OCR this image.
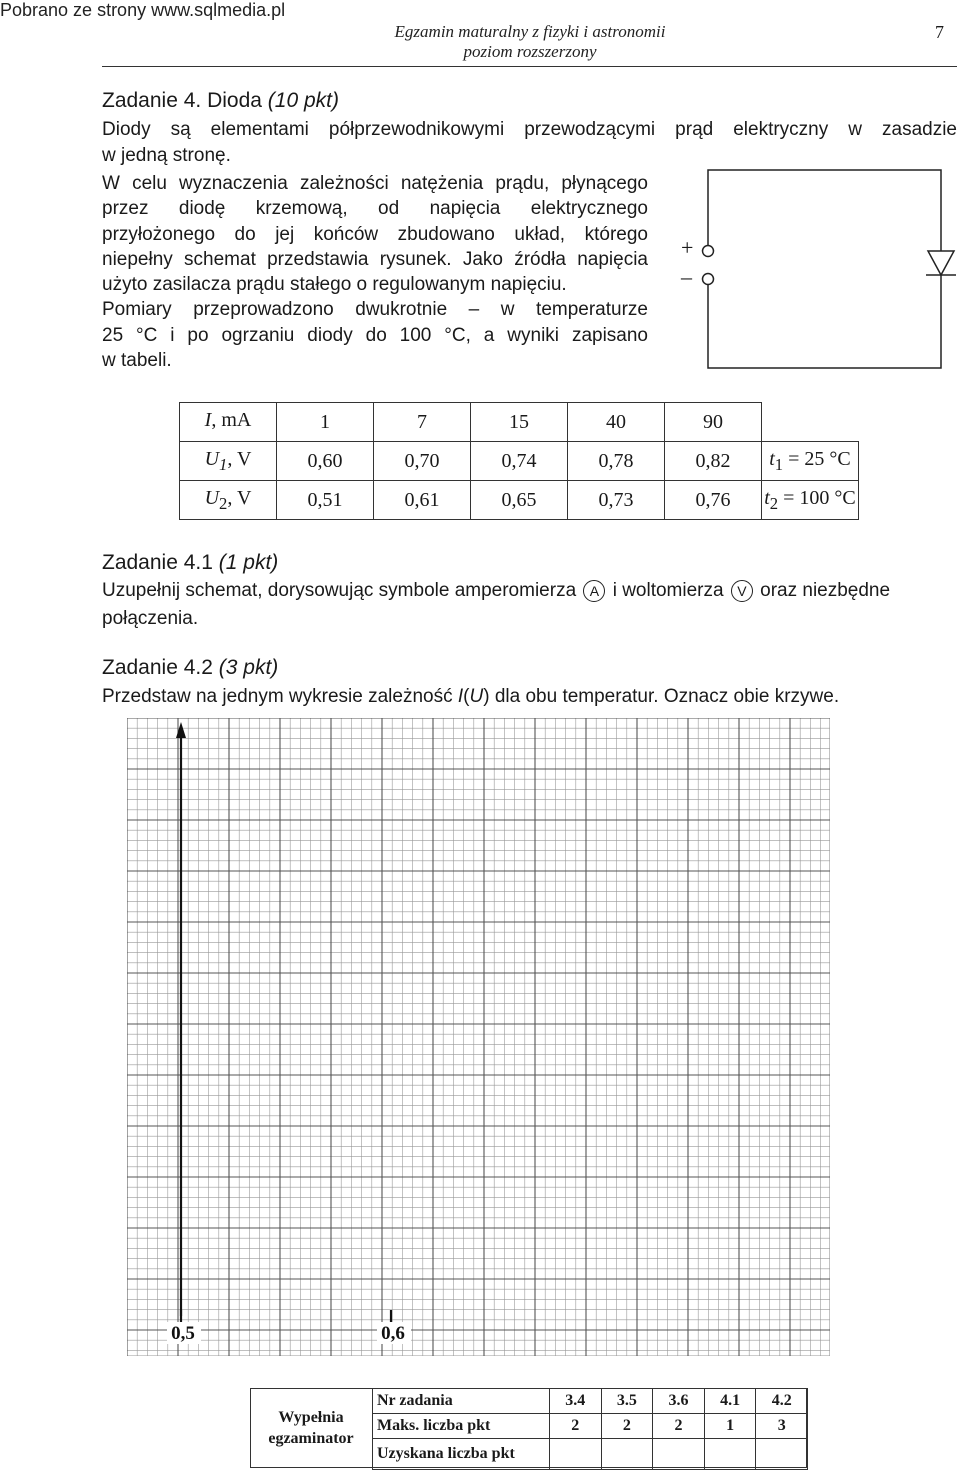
Pobrano ze strony www.sqlmedia.pl
Egzamin maturalny z fizyki i astronomii
poziom rozszerzony
7
Zadanie 4. Dioda (10 pkt)
Diody są elementami półprzewodnikowymi przewodzącymi prąd elektryczny w zasadzie
w jedną stronę.
W celu wyznaczenia zależności natężenia prądu, płynącego
przez diodę krzemową, od napięcia elektrycznego
przyłożonego do jej końców zbudowano układ, którego
niepełny schemat przedstawia rysunek. Jako źródła napięcia
użyto zasilacza prądu stałego o regulowanym napięciu.
Pomiary przeprowadzono dwukrotnie – w temperaturze
25 °C i po ogrzaniu diody do 100 °C, a wyniki zapisano
w tabeli.
+
–
I, mA	1	7	15	40	90	
$U_1$, V	0,60	0,70	0,74	0,78	0,82	$t_1 = 25$ °C
$U_2$, V	0,51	0,61	0,65	0,73	0,76	$t_2 = 100$ °C
Zadanie 4.1 (1 pkt)
Uzupełnij schemat, dorysowując symbole amperomierza A i woltomierza V oraz niezbędne
połączenia.
Zadanie 4.2 (3 pkt)
Przedstaw na jednym wykresie zależność I(U) dla obu temperatur. Oznacz obie krzywe.
0,5	0,6
Wypełnia egzaminator
Nr zadania	3.4	3.5	3.6	4.1	4.2
Maks. liczba pkt	2	2	2	1	3
Uzyskana liczba pkt					
